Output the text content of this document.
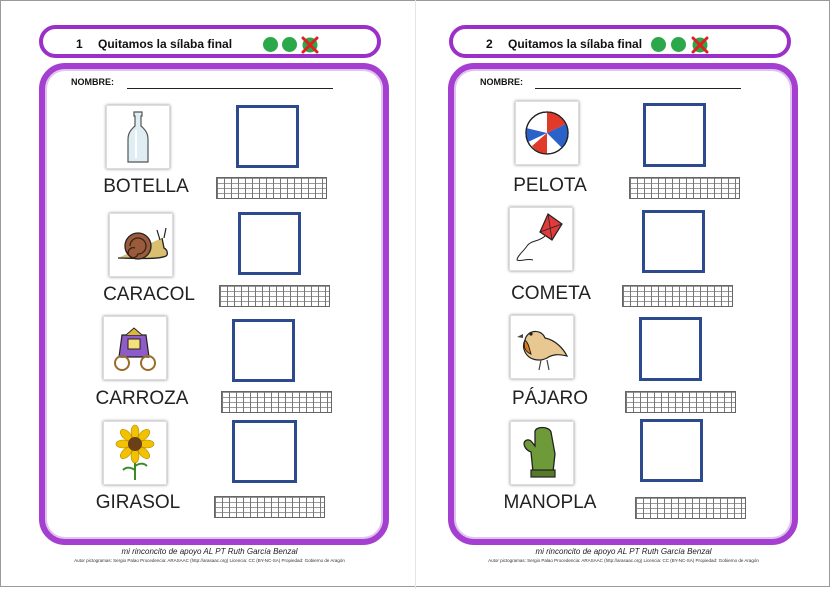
1 Quitamos la sílaba final
NOMBRE:
BOTELLA
CARACOL
CARROZA
GIRASOL
mi rinconcito de apoyo AL PT Ruth García Benzal
Autor pictogramas: Sergio Palao Procedencia: ARASAAC (http://arasaac.org) Licencia: CC (BY-NC-SA) Propiedad: Gobierno de Aragón
2 Quitamos la sílaba final
NOMBRE:
PELOTA
COMETA
PÁJARO
MANOPLA
mi rinconcito de apoyo AL PT Ruth García Benzal
Autor pictogramas: Sergio Palao Procedencia: ARASAAC (http://arasaac.org) Licencia: CC (BY-NC-SA) Propiedad: Gobierno de Aragón
